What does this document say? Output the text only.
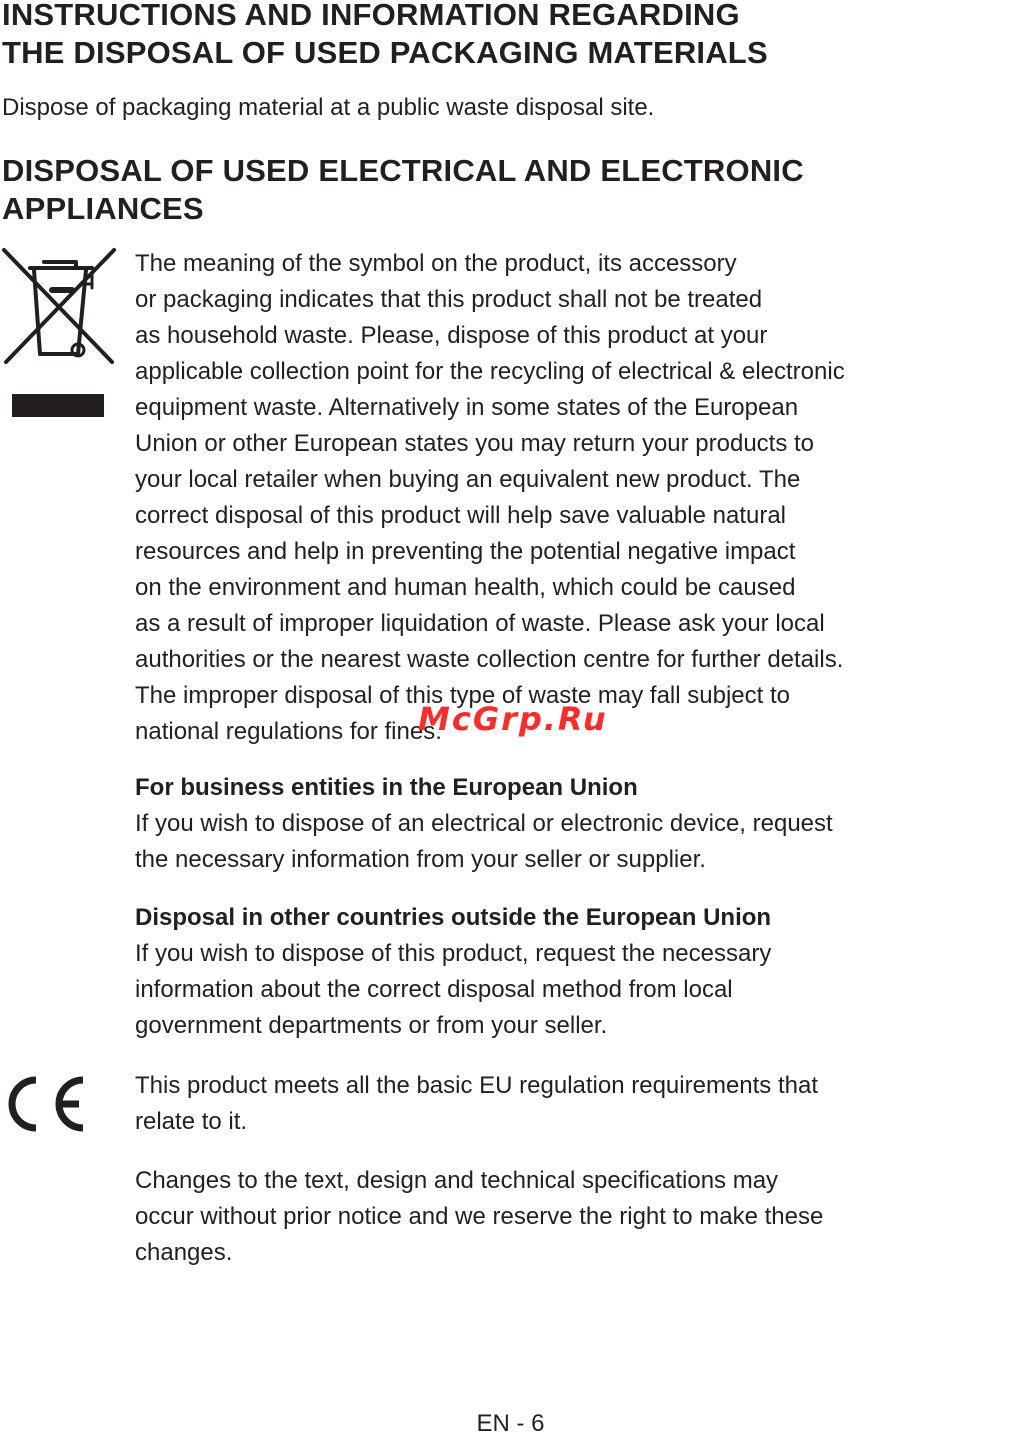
INSTRUCTIONS AND INFORMATION REGARDING
THE DISPOSAL OF USED PACKAGING MATERIALS

Dispose of packaging material at a public waste disposal site.

DISPOSAL OF USED ELECTRICAL AND ELECTRONIC
APPLIANCES

The meaning of the symbol on the product, its accessory
or packaging indicates that this product shall not be treated
as household waste. Please, dispose of this product at your
applicable collection point for the recycling of electrical & electronic
equipment waste. Alternatively in some states of the European
Union or other European states you may return your products to
your local retailer when buying an equivalent new product. The
correct disposal of this product will help save valuable natural
resources and help in preventing the potential negative impact
on the environment and human health, which could be caused
as a result of improper liquidation of waste. Please ask your local
authorities or the nearest waste collection centre for further details.
The improper disposal of this type of waste may fall subject to
national regulations for fines.

McGrp.Ru

For business entities in the European Union
If you wish to dispose of an electrical or electronic device, request
the necessary information from your seller or supplier.

Disposal in other countries outside the European Union
If you wish to dispose of this product, request the necessary
information about the correct disposal method from local
government departments or from your seller.

This product meets all the basic EU regulation requirements that
relate to it.

Changes to the text, design and technical specifications may
occur without prior notice and we reserve the right to make these
changes.

EN - 6
